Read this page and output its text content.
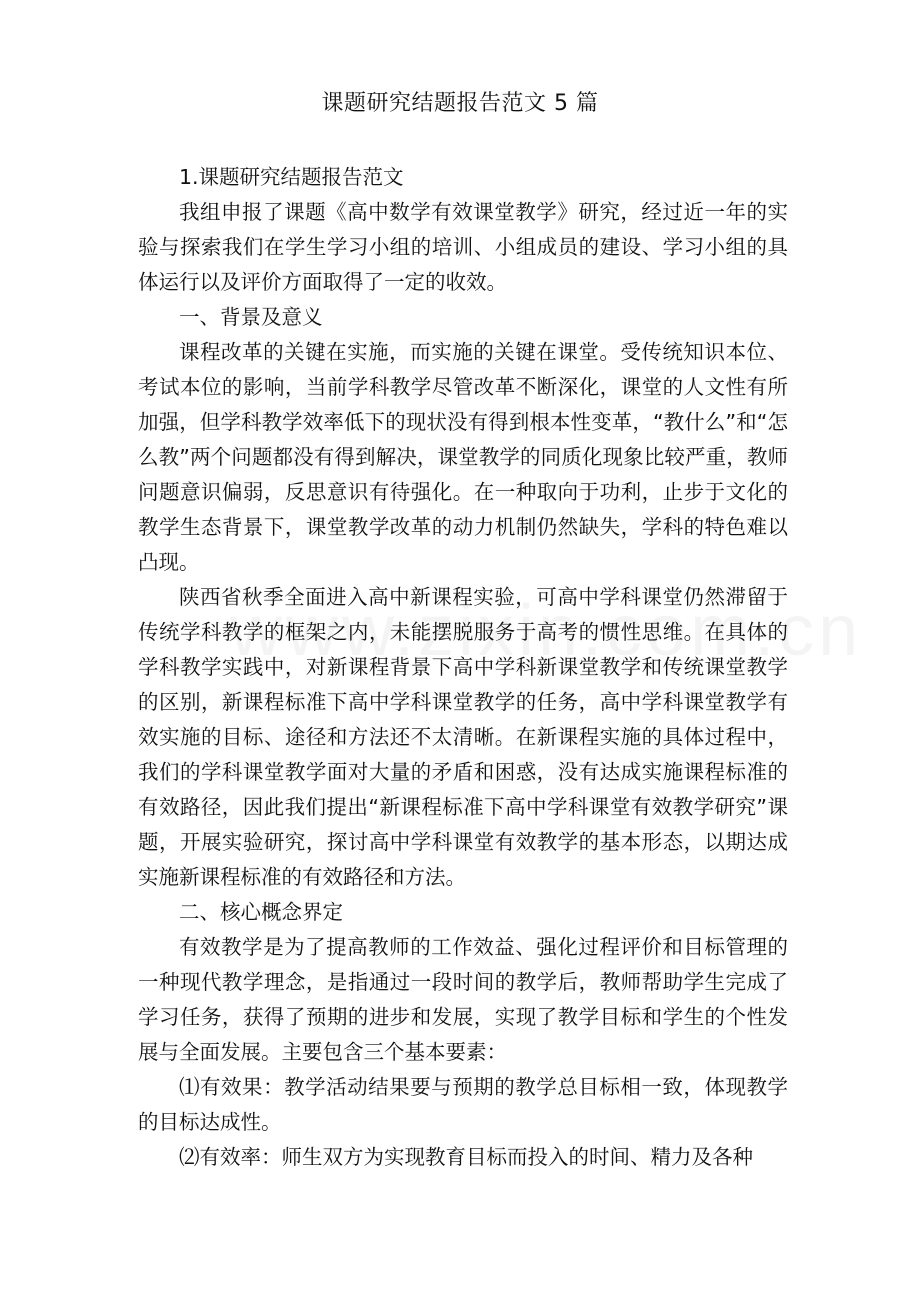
课题研究结题报告范文 5 篇

1.课题研究结题报告范文

我组申报了课题《高中数学有效课堂教学》研究，经过近一年的实验与探索我们在学生学习小组的培训、小组成员的建设、学习小组的具体运行以及评价方面取得了一定的收效。

一、背景及意义

课程改革的关键在实施，而实施的关键在课堂。受传统知识本位、考试本位的影响，当前学科教学尽管改革不断深化，课堂的人文性有所加强，但学科教学效率低下的现状没有得到根本性变革，“教什么”和“怎么教”两个问题都没有得到解决，课堂教学的同质化现象比较严重，教师问题意识偏弱，反思意识有待强化。在一种取向于功利，止步于文化的教学生态背景下，课堂教学改革的动力机制仍然缺失，学科的特色难以凸现。

陕西省秋季全面进入高中新课程实验，可高中学科课堂仍然滞留于传统学科教学的框架之内，未能摆脱服务于高考的惯性思维。在具体的学科教学实践中，对新课程背景下高中学科新课堂教学和传统课堂教学的区别，新课程标准下高中学科课堂教学的任务，高中学科课堂教学有效实施的目标、途径和方法还不太清晰。在新课程实施的具体过程中，我们的学科课堂教学面对大量的矛盾和困惑，没有达成实施课程标准的有效路径，因此我们提出“新课程标准下高中学科课堂有效教学研究”课题，开展实验研究，探讨高中学科课堂有效教学的基本形态，以期达成实施新课程标准的有效路径和方法。

二、核心概念界定

有效教学是为了提高教师的工作效益、强化过程评价和目标管理的一种现代教学理念，是指通过一段时间的教学后，教师帮助学生完成了学习任务，获得了预期的进步和发展，实现了教学目标和学生的个性发展与全面发展。主要包含三个基本要素：

⑴有效果：教学活动结果要与预期的教学总目标相一致，体现教学的目标达成性。

⑵有效率：师生双方为实现教育目标而投入的时间、精力及各种
